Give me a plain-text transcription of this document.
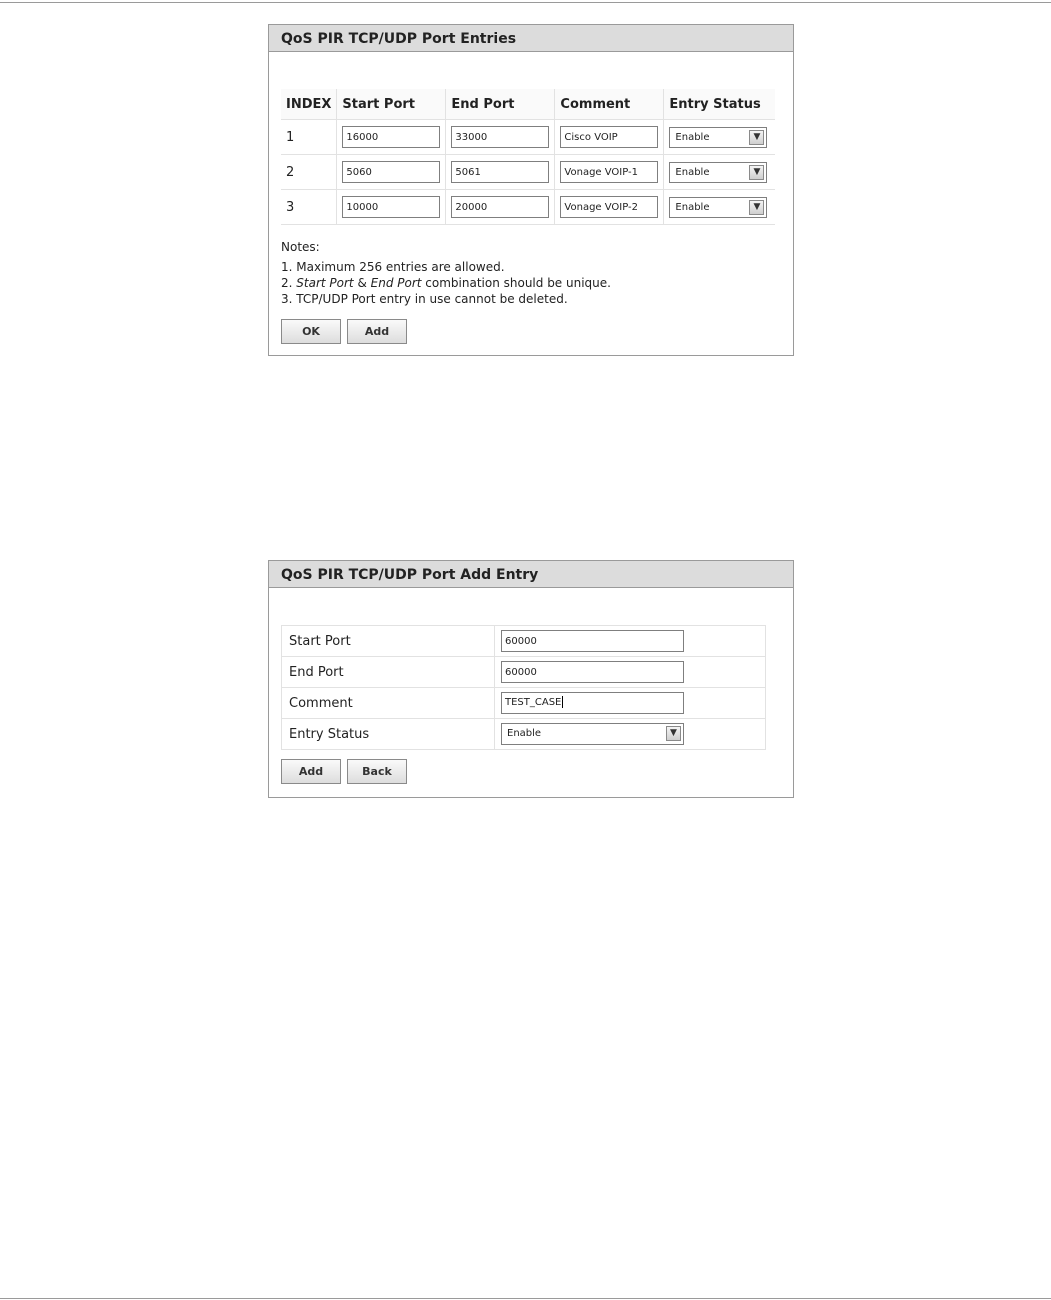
QoS PIR TCP/UDP Port Entries
INDEX	Start Port	End Port	Comment	Entry Status
1	16000	33000	Cisco VOIP	Enable ▼

2	5060	5061	Vonage VOIP-1	Enable ▼

3	10000	20000	Vonage VOIP-2	Enable ▼
Notes:
1. Maximum 256 entries are allowed.
2. Start Port & End Port combination should be unique.
3. TCP/UDP Port entry in use cannot be deleted.
OK	Add
QoS PIR TCP/UDP Port Add Entry
Start Port	60000
End Port	60000
Comment	TEST_CASE

Entry Status	Enable ▼
Add	Back
